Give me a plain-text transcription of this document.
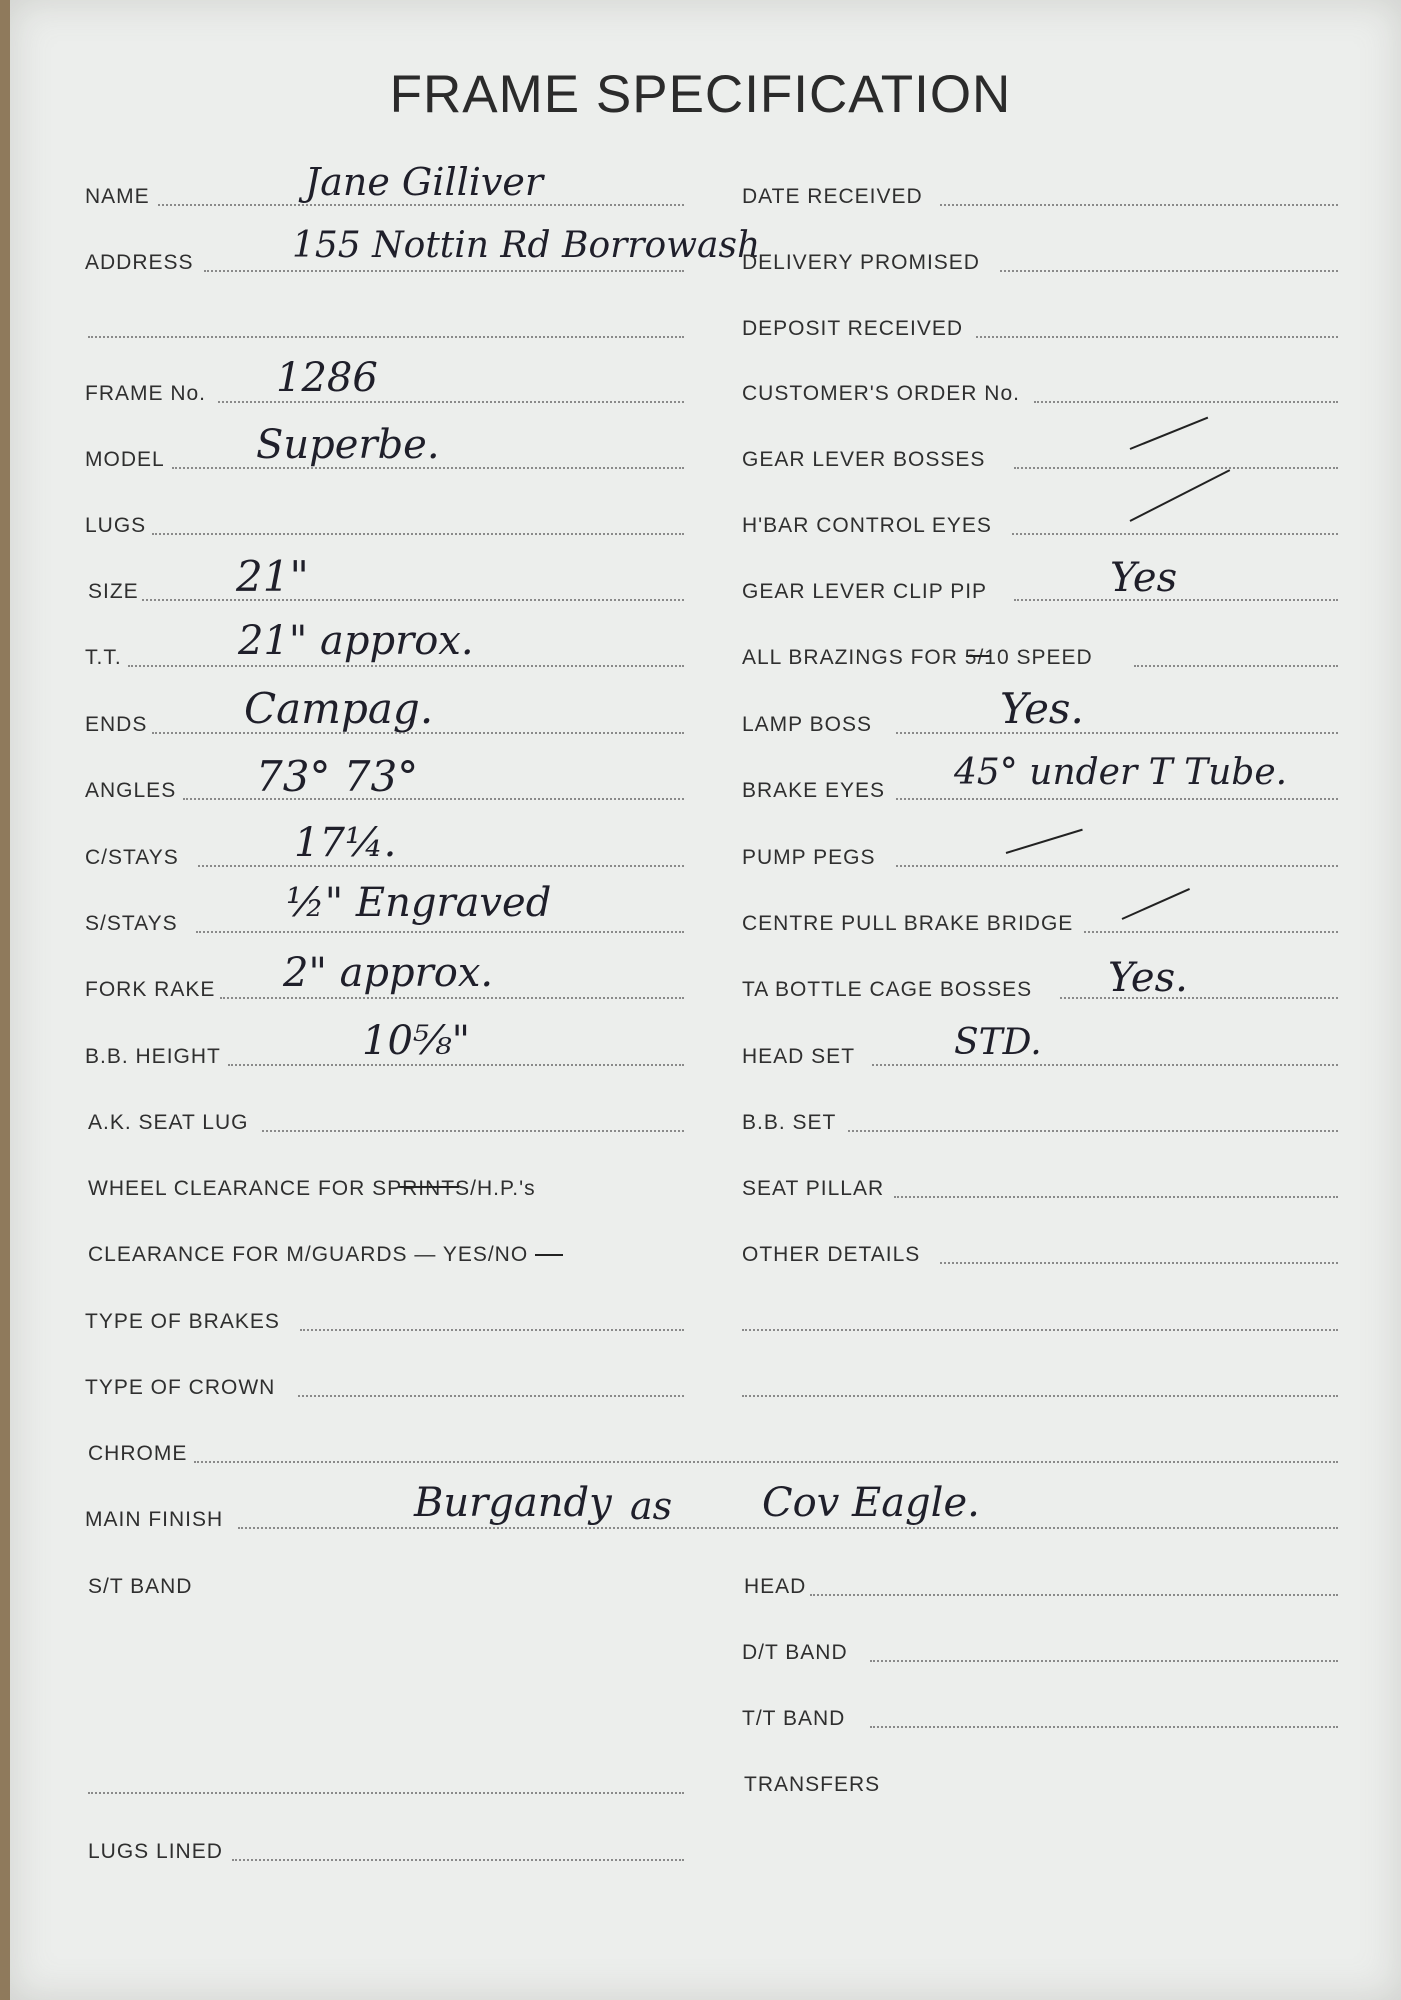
FRAME SPECIFICATION
NAME	Jane Gilliver
ADDRESS	155 Nottin Rd Borrowash
FRAME No. 1286
MODEL Superbe.
LUGS
SIZE 21"
T.T.	21" approx.
ENDS Campag.
ANGLES 73° 73°
C/STAYS	17¼.
S/STAYS	½" Engraved
FORK RAKE 2" approx.
B.B. HEIGHT	10⅝"
A.K. SEAT LUG
WHEEL CLEARANCE FOR SPRINTS/H.P.'s
CLEARANCE FOR M/GUARDS — YES/NO
TYPE OF BRAKES
TYPE OF CROWN
CHROME
MAIN FINISH	Burgandy as Cov Eagle.
S/T BAND
LUGS LINED
DATE RECEIVED
DELIVERY PROMISED
DEPOSIT RECEIVED
CUSTOMER'S ORDER No.
GEAR LEVER BOSSES
H'BAR CONTROL EYES
GEAR LEVER CLIP PIP	Yes
ALL BRAZINGS FOR 5/10 SPEED
LAMP BOSS	Yes.
BRAKE EYES 45° under T Tube.
PUMP PEGS
CENTRE PULL BRAKE BRIDGE
TA BOTTLE CAGE BOSSES Yes.
HEAD SET	STD.
B.B. SET
SEAT PILLAR
OTHER DETAILS
HEAD
D/T BAND
T/T BAND
TRANSFERS
